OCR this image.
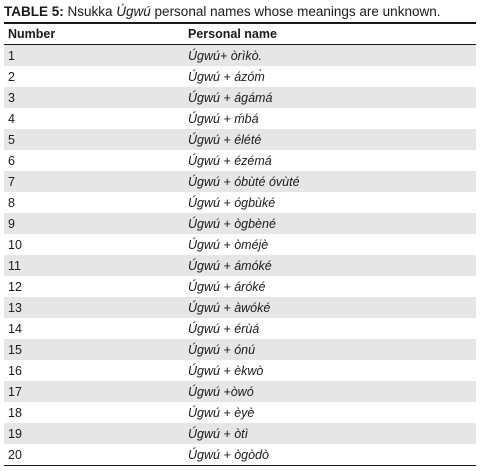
TABLE 5: Nsukka Úgwú personal names whose meanings are unknown.
Number	Personal name
1	Úgwú+ òrìkò.
2	Úgwú + ázóm̀
3	Úgwú + ágámá
4	Úgwú + ḿbá
5	Úgwú + élété
6	Úgwú + ézémá
7	Úgwú + óbùté óvùté
8	Úgwú + ógbùké
9	Úgwú + ògbèné
10	Úgwú + òméjè
11	Úgwú + ámóké
12	Úgwú + áróké
13	Úgwú + àwóké
14	Úgwú + érùá
15	Úgwú + ónú
16	Úgwú + èkwò
17	Úgwú +òwó
18	Úgwú + èyè
19	Úgwú + òtì
20	Úgwú + ògòdò
